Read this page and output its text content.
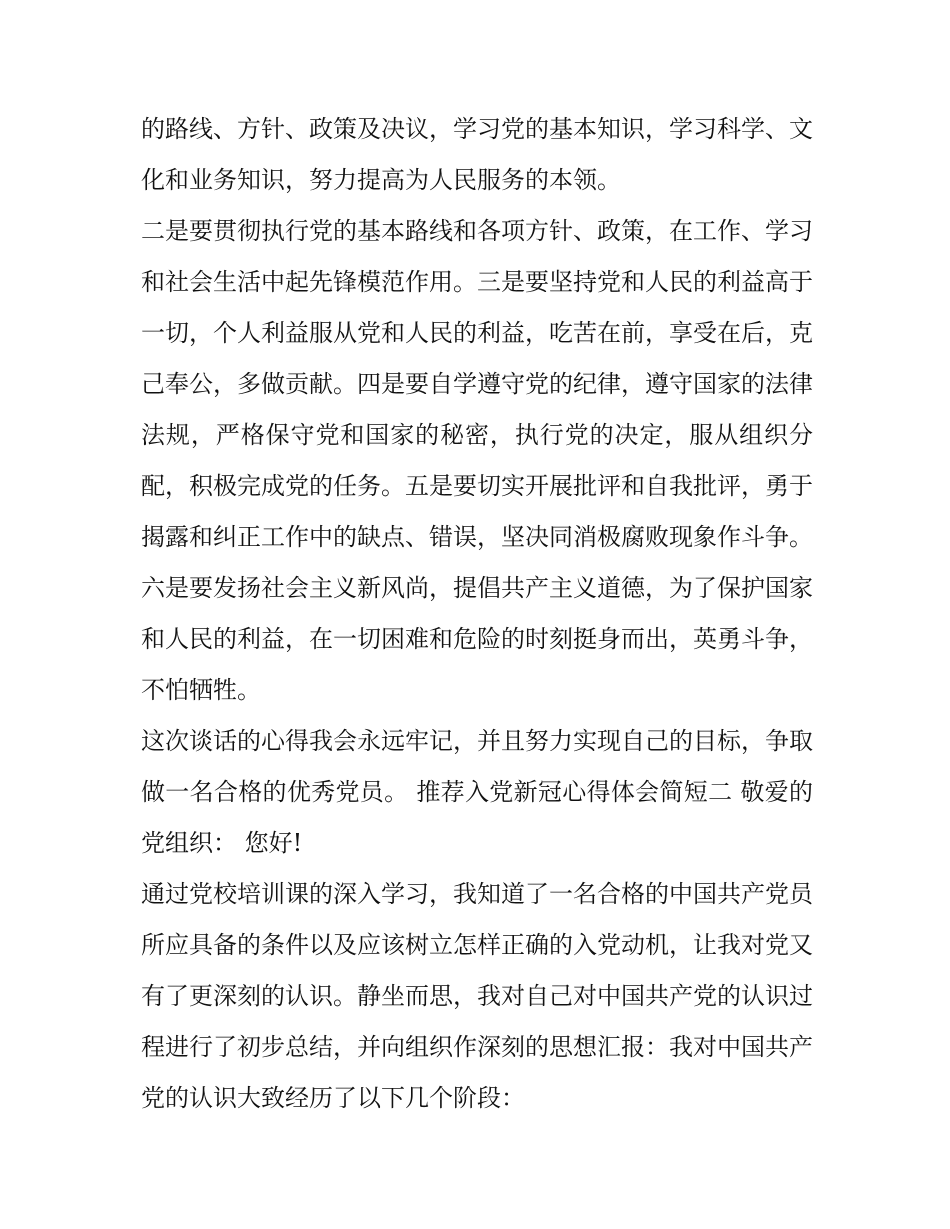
的路线、方针、政策及决议，学习党的基本知识，学习科学、文化和业务知识，努力提高为人民服务的本领。

二是要贯彻执行党的基本路线和各项方针、政策，在工作、学习和社会生活中起先锋模范作用。三是要坚持党和人民的利益高于一切，个人利益服从党和人民的利益，吃苦在前，享受在后，克己奉公，多做贡献。四是要自学遵守党的纪律，遵守国家的法律法规，严格保守党和国家的秘密，执行党的决定，服从组织分配，积极完成党的任务。五是要切实开展批评和自我批评，勇于揭露和纠正工作中的缺点、错误，坚决同消极腐败现象作斗争。六是要发扬社会主义新风尚，提倡共产主义道德，为了保护国家和人民的利益，在一切困难和危险的时刻挺身而出，英勇斗争，不怕牺牲。

这次谈话的心得我会永远牢记，并且努力实现自己的目标，争取做一名合格的优秀党员。 推荐入党新冠心得体会简短二 敬爱的党组织： 您好!

通过党校培训课的深入学习，我知道了一名合格的中国共产党员所应具备的条件以及应该树立怎样正确的入党动机，让我对党又有了更深刻的认识。静坐而思，我对自己对中国共产党的认识过程进行了初步总结，并向组织作深刻的思想汇报：我对中国共产党的认识大致经历了以下几个阶段：
